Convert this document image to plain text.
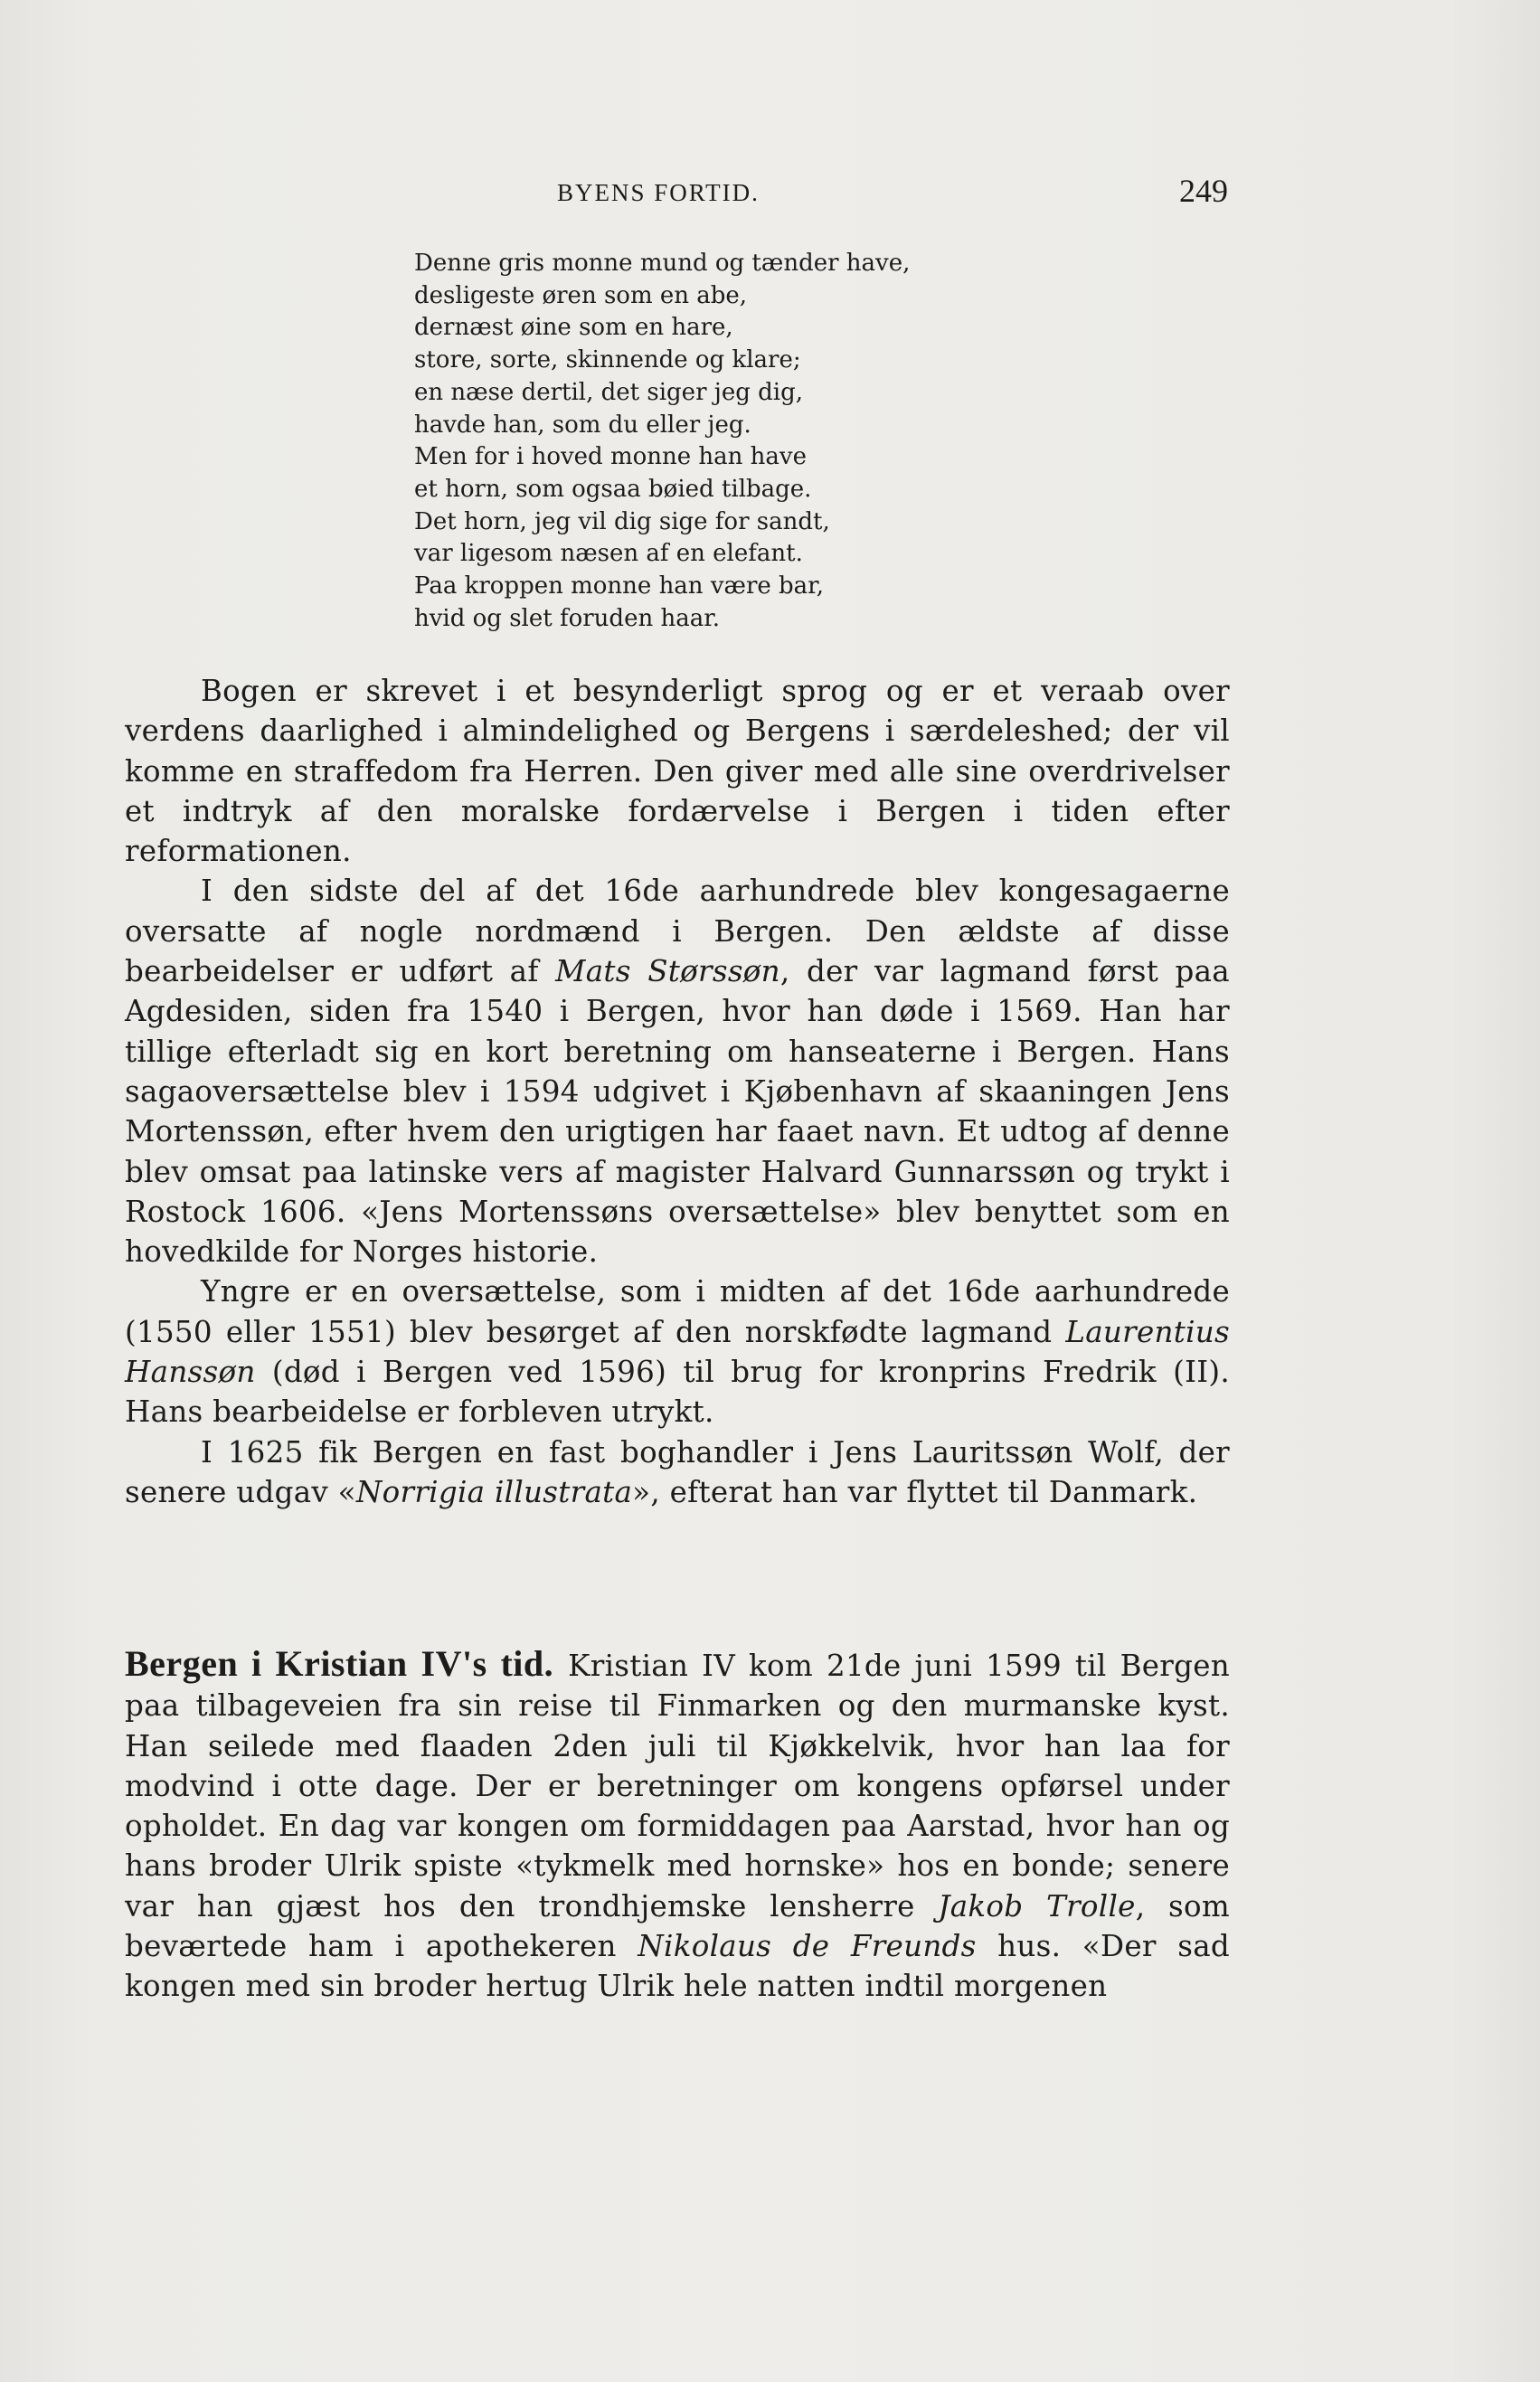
BYENS FORTID.	249
Denne gris monne mund og tænder have,
desligeste øren som en abe,
dernæst øine som en hare,
store, sorte, skinnende og klare;
en næse dertil, det siger jeg dig,
havde han, som du eller jeg.
Men for i hoved monne han have
et horn, som ogsaa bøied tilbage.
Det horn, jeg vil dig sige for sandt,
var ligesom næsen af en elefant.
Paa kroppen monne han være bar,
hvid og slet foruden haar.

Bogen er skrevet i et besynderligt sprog og er et veraab over verdens daarlighed i almindelighed og Bergens i særdeleshed; der vil komme en straffedom fra Herren. Den giver med alle sine overdrivelser et indtryk af den moralske fordærvelse i Bergen i tiden efter reformationen.

I den sidste del af det 16de aarhundrede blev kongesagaerne oversatte af nogle nordmænd i Bergen. Den ældste af disse bearbeidelser er udført af Mats Størssøn, der var lagmand først paa Agdesiden, siden fra 1540 i Bergen, hvor han døde i 1569. Han har tillige efterladt sig en kort beretning om hanseaterne i Bergen. Hans sagaoversættelse blev i 1594 udgivet i Kjøbenhavn af skaaningen Jens Mortenssøn, efter hvem den urigtigen har faaet navn. Et udtog af denne blev omsat paa latinske vers af magister Halvard Gunnarssøn og trykt i Rostock 1606. «Jens Mortenssøns oversættelse» blev benyttet som en hovedkilde for Norges historie.

Yngre er en oversættelse, som i midten af det 16de aarhundrede (1550 eller 1551) blev besørget af den norskfødte lagmand Laurentius Hanssøn (død i Bergen ved 1596) til brug for kronprins Fredrik (II). Hans bearbeidelse er forbleven utrykt.

I 1625 fik Bergen en fast boghandler i Jens Lauritssøn Wolf, der senere udgav «Norrigia illustrata», efterat han var flyttet til Danmark.

Bergen i Kristian IV's tid. Kristian IV kom 21de juni 1599 til Bergen paa tilbageveien fra sin reise til Finmarken og den murmanske kyst. Han seilede med flaaden 2den juli til Kjøkkelvik, hvor han laa for modvind i otte dage. Der er beretninger om kongens opførsel under opholdet. En dag var kongen om formiddagen paa Aarstad, hvor han og hans broder Ulrik spiste «tykmelk med hornske» hos en bonde; senere var han gjæst hos den trondhjemske lensherre Jakob Trolle, som beværtede ham i apothekeren Nikolaus de Freunds hus. «Der sad kongen med sin broder hertug Ulrik hele natten indtil morgenen
